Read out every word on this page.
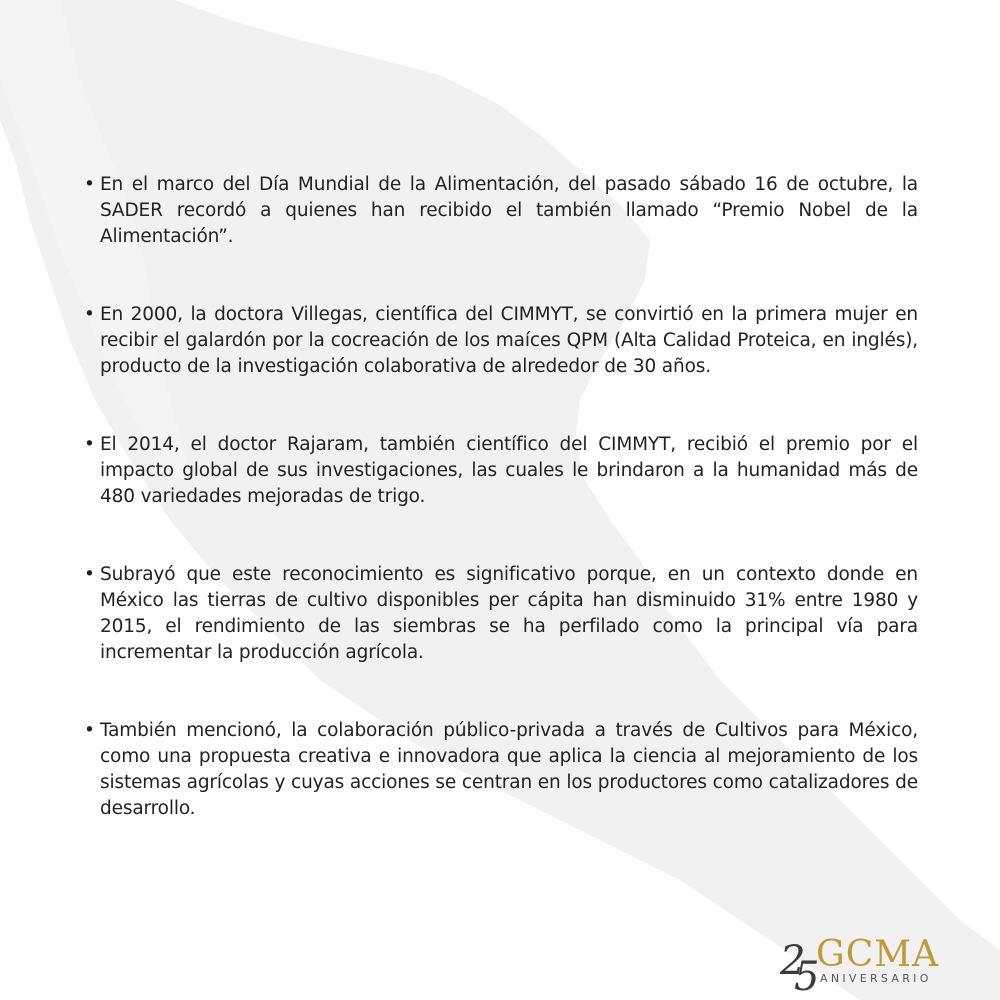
• En el marco del Día Mundial de la Alimentación, del pasado sábado 16 de octubre, la SADER recordó a quienes han recibido el también llamado “Premio Nobel de la Alimentación”.
• En 2000, la doctora Villegas, científica del CIMMYT, se convirtió en la primera mujer en recibir el galardón por la cocreación de los maíces QPM (Alta Calidad Proteica, en inglés), producto de la investigación colaborativa de alrededor de 30 años.
• El 2014, el doctor Rajaram, también científico del CIMMYT, recibió el premio por el impacto global de sus investigaciones, las cuales le brindaron a la humanidad más de 480 variedades mejoradas de trigo.
• Subrayó que este reconocimiento es significativo porque, en un contexto donde en México las tierras de cultivo disponibles per cápita han disminuido 31% entre 1980 y 2015, el rendimiento de las siembras se ha perfilado como la principal vía para incrementar la producción agrícola.
• También mencionó, la colaboración público-privada a través de Cultivos para México, como una propuesta creativa e innovadora que aplica la ciencia al mejoramiento de los sistemas agrícolas y cuyas acciones se centran en los productores como catalizadores de desarrollo.
2
5
GCMA
ANIVERSARIO
